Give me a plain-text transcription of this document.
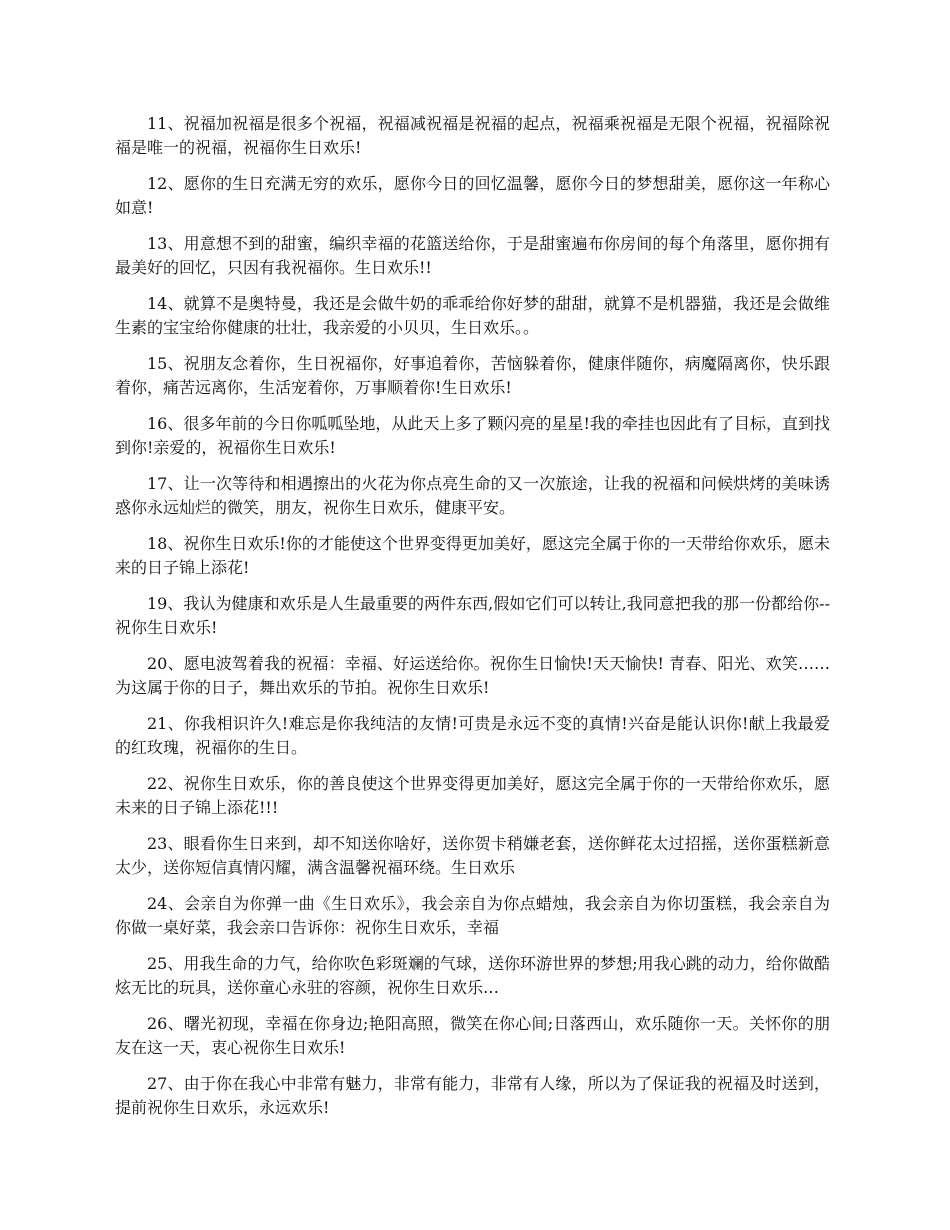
11、祝福加祝福是很多个祝福，祝福减祝福是祝福的起点，祝福乘祝福是无限个祝福，祝福除祝福是唯一的祝福，祝福你生日欢乐!

12、愿你的生日充满无穷的欢乐，愿你今日的回忆温馨，愿你今日的梦想甜美，愿你这一年称心如意!

13、用意想不到的甜蜜，编织幸福的花篮送给你，于是甜蜜遍布你房间的每个角落里，愿你拥有最美好的回忆，只因有我祝福你。生日欢乐!!

14、就算不是奥特曼，我还是会做牛奶的乖乖给你好梦的甜甜，就算不是机器猫，我还是会做维生素的宝宝给你健康的壮壮，我亲爱的小贝贝，生日欢乐。。

15、祝朋友念着你，生日祝福你，好事追着你，苦恼躲着你，健康伴随你，病魔隔离你，快乐跟着你，痛苦远离你，生活宠着你，万事顺着你!生日欢乐!

16、很多年前的今日你呱呱坠地，从此天上多了颗闪亮的星星!我的牵挂也因此有了目标，直到找到你!亲爱的，祝福你生日欢乐!

17、让一次等待和相遇擦出的火花为你点亮生命的又一次旅途，让我的祝福和问候烘烤的美味诱惑你永远灿烂的微笑，朋友，祝你生日欢乐，健康平安。

18、祝你生日欢乐!你的才能使这个世界变得更加美好，愿这完全属于你的一天带给你欢乐，愿未来的日子锦上添花!

19、我认为健康和欢乐是人生最重要的两件东西,假如它们可以转让,我同意把我的那一份都给你--祝你生日欢乐!

20、愿电波驾着我的祝福：幸福、好运送给你。祝你生日愉快!天天愉快! 青春、阳光、欢笑……为这属于你的日子，舞出欢乐的节拍。祝你生日欢乐!

21、你我相识许久!难忘是你我纯洁的友情!可贵是永远不变的真情!兴奋是能认识你!献上我最爱的红玫瑰，祝福你的生日。

22、祝你生日欢乐，你的善良使这个世界变得更加美好，愿这完全属于你的一天带给你欢乐，愿未来的日子锦上添花!!!

23、眼看你生日来到，却不知送你啥好，送你贺卡稍嫌老套，送你鲜花太过招摇，送你蛋糕新意太少，送你短信真情闪耀，满含温馨祝福环绕。生日欢乐

24、会亲自为你弹一曲《生日欢乐》，我会亲自为你点蜡烛，我会亲自为你切蛋糕，我会亲自为你做一桌好菜，我会亲口告诉你：祝你生日欢乐，幸福

25、用我生命的力气，给你吹色彩斑斓的气球，送你环游世界的梦想;用我心跳的动力，给你做酷炫无比的玩具，送你童心永驻的容颜，祝你生日欢乐…

26、曙光初现，幸福在你身边;艳阳高照，微笑在你心间;日落西山，欢乐随你一天。关怀你的朋友在这一天，衷心祝你生日欢乐!

27、由于你在我心中非常有魅力，非常有能力，非常有人缘，所以为了保证我的祝福及时送到，提前祝你生日欢乐，永远欢乐!
